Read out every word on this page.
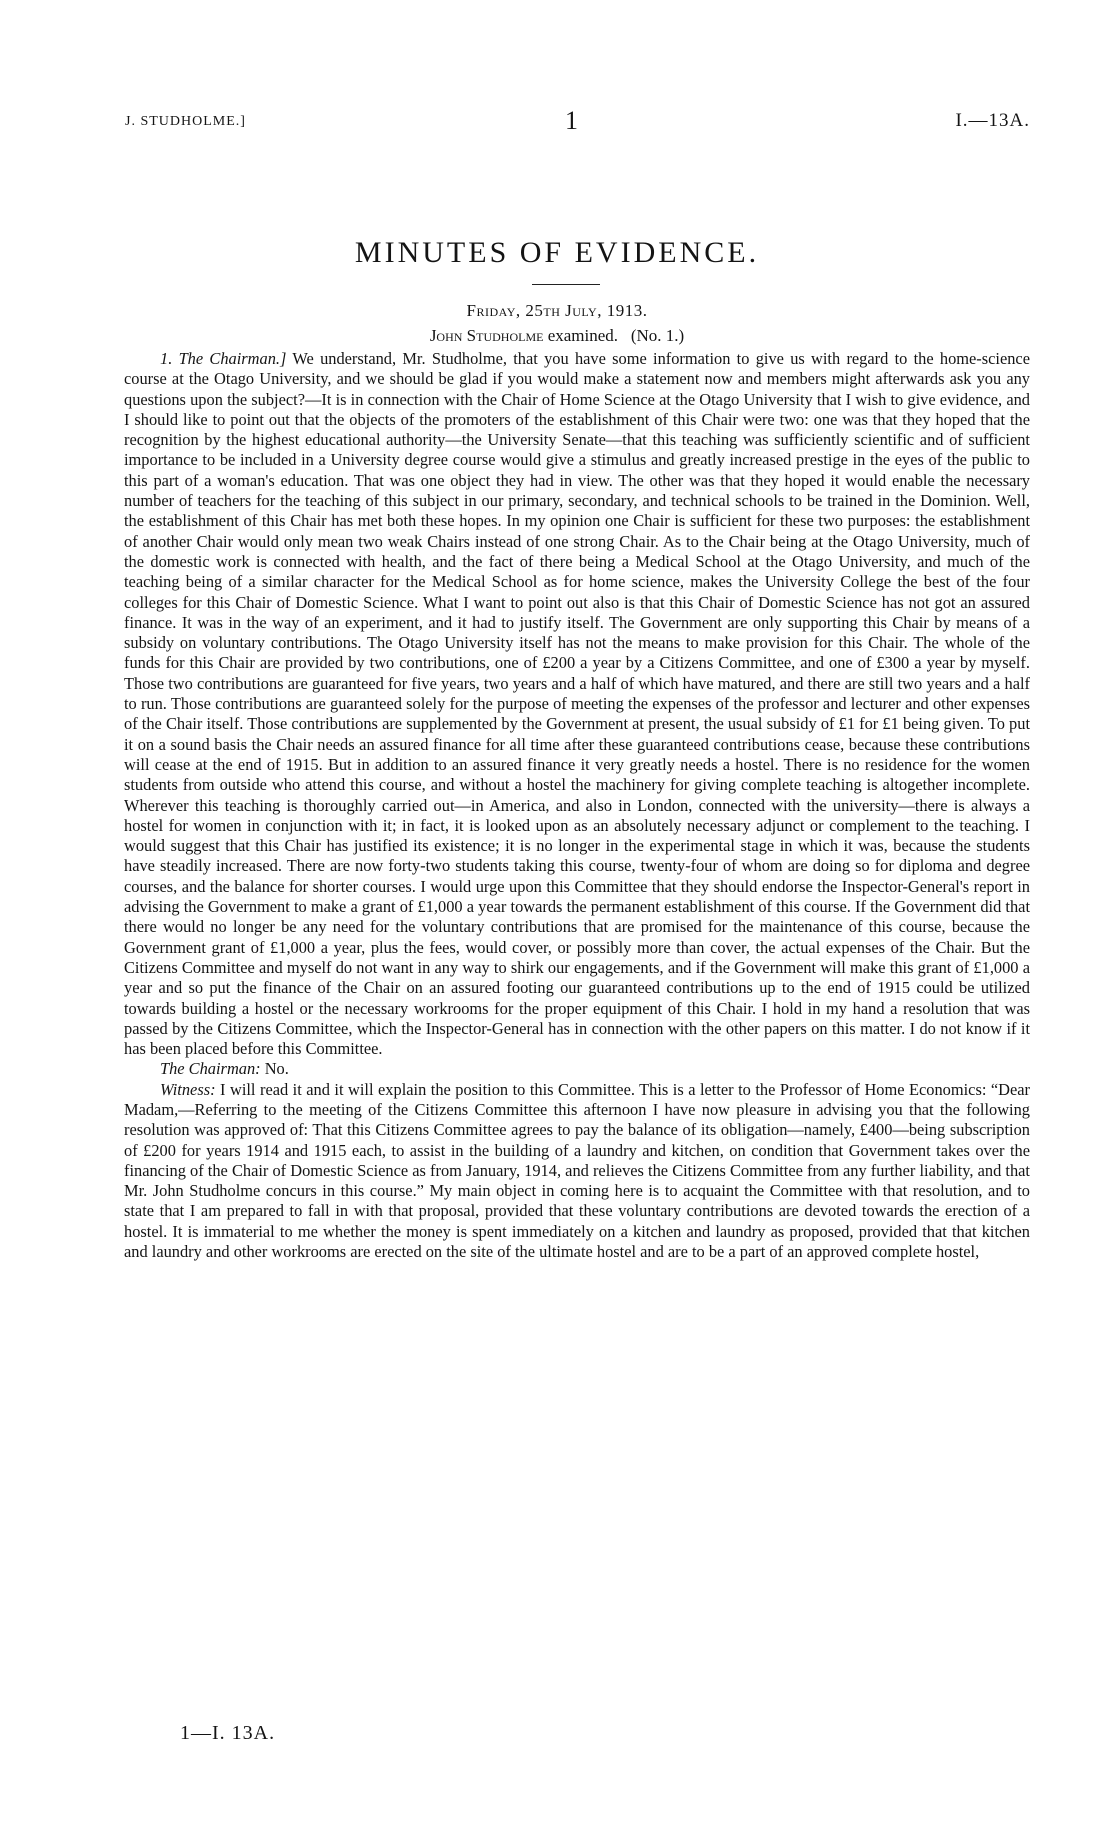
J. STUDHOLME.]	1	I.—13A.
MINUTES OF EVIDENCE.
Friday, 25th July, 1913.
John Studholme examined. (No. 1.)

1. The Chairman.] We understand, Mr. Studholme, that you have some information to give us with regard to the home-science course at the Otago University, and we should be glad if you would make a statement now and members might afterwards ask you any questions upon the subject?—It is in connection with the Chair of Home Science at the Otago University that I wish to give evidence, and I should like to point out that the objects of the promoters of the establishment of this Chair were two: one was that they hoped that the recognition by the highest educational authority—the University Senate—that this teaching was sufficiently scientific and of sufficient importance to be included in a University degree course would give a stimulus and greatly increased prestige in the eyes of the public to this part of a woman's education. That was one object they had in view. The other was that they hoped it would enable the necessary number of teachers for the teaching of this subject in our primary, secondary, and technical schools to be trained in the Dominion. Well, the establishment of this Chair has met both these hopes. In my opinion one Chair is sufficient for these two purposes: the establishment of another Chair would only mean two weak Chairs instead of one strong Chair. As to the Chair being at the Otago University, much of the domestic work is connected with health, and the fact of there being a Medical School at the Otago University, and much of the teaching being of a similar character for the Medical School as for home science, makes the University College the best of the four colleges for this Chair of Domestic Science. What I want to point out also is that this Chair of Domestic Science has not got an assured finance. It was in the way of an experiment, and it had to justify itself. The Government are only supporting this Chair by means of a subsidy on voluntary contributions. The Otago University itself has not the means to make provision for this Chair. The whole of the funds for this Chair are provided by two contributions, one of £200 a year by a Citizens Committee, and one of £300 a year by myself. Those two contributions are guaranteed for five years, two years and a half of which have matured, and there are still two years and a half to run. Those contributions are guaranteed solely for the purpose of meeting the expenses of the professor and lecturer and other expenses of the Chair itself. Those contributions are supplemented by the Government at present, the usual subsidy of £1 for £1 being given. To put it on a sound basis the Chair needs an assured finance for all time after these guaranteed contributions cease, because these contributions will cease at the end of 1915. But in addition to an assured finance it very greatly needs a hostel. There is no residence for the women students from outside who attend this course, and without a hostel the machinery for giving complete teaching is altogether incomplete. Wherever this teaching is thoroughly carried out—in America, and also in London, connected with the university—there is always a hostel for women in conjunction with it; in fact, it is looked upon as an absolutely necessary adjunct or complement to the teaching. I would suggest that this Chair has justified its existence; it is no longer in the experimental stage in which it was, because the students have steadily increased. There are now forty-two students taking this course, twenty-four of whom are doing so for diploma and degree courses, and the balance for shorter courses. I would urge upon this Committee that they should endorse the Inspector-General's report in advising the Government to make a grant of £1,000 a year towards the permanent establishment of this course. If the Government did that there would no longer be any need for the voluntary contributions that are promised for the maintenance of this course, because the Government grant of £1,000 a year, plus the fees, would cover, or possibly more than cover, the actual expenses of the Chair. But the Citizens Committee and myself do not want in any way to shirk our engagements, and if the Government will make this grant of £1,000 a year and so put the finance of the Chair on an assured footing our guaranteed contributions up to the end of 1915 could be utilized towards building a hostel or the necessary workrooms for the proper equipment of this Chair. I hold in my hand a resolution that was passed by the Citizens Committee, which the Inspector-General has in connection with the other papers on this matter. I do not know if it has been placed before this Committee.

The Chairman: No.

Witness: I will read it and it will explain the position to this Committee. This is a letter to the Professor of Home Economics: “Dear Madam,—Referring to the meeting of the Citizens Committee this afternoon I have now pleasure in advising you that the following resolution was approved of: That this Citizens Committee agrees to pay the balance of its obligation—namely, £400—being subscription of £200 for years 1914 and 1915 each, to assist in the building of a laundry and kitchen, on condition that Government takes over the financing of the Chair of Domestic Science as from January, 1914, and relieves the Citizens Committee from any further liability, and that Mr. John Studholme concurs in this course.” My main object in coming here is to acquaint the Committee with that resolution, and to state that I am prepared to fall in with that proposal, provided that these voluntary contributions are devoted towards the erection of a hostel. It is immaterial to me whether the money is spent immediately on a kitchen and laundry as proposed, provided that that kitchen and laundry and other workrooms are erected on the site of the ultimate hostel and are to be a part of an approved complete hostel,

1—I. 13A.
